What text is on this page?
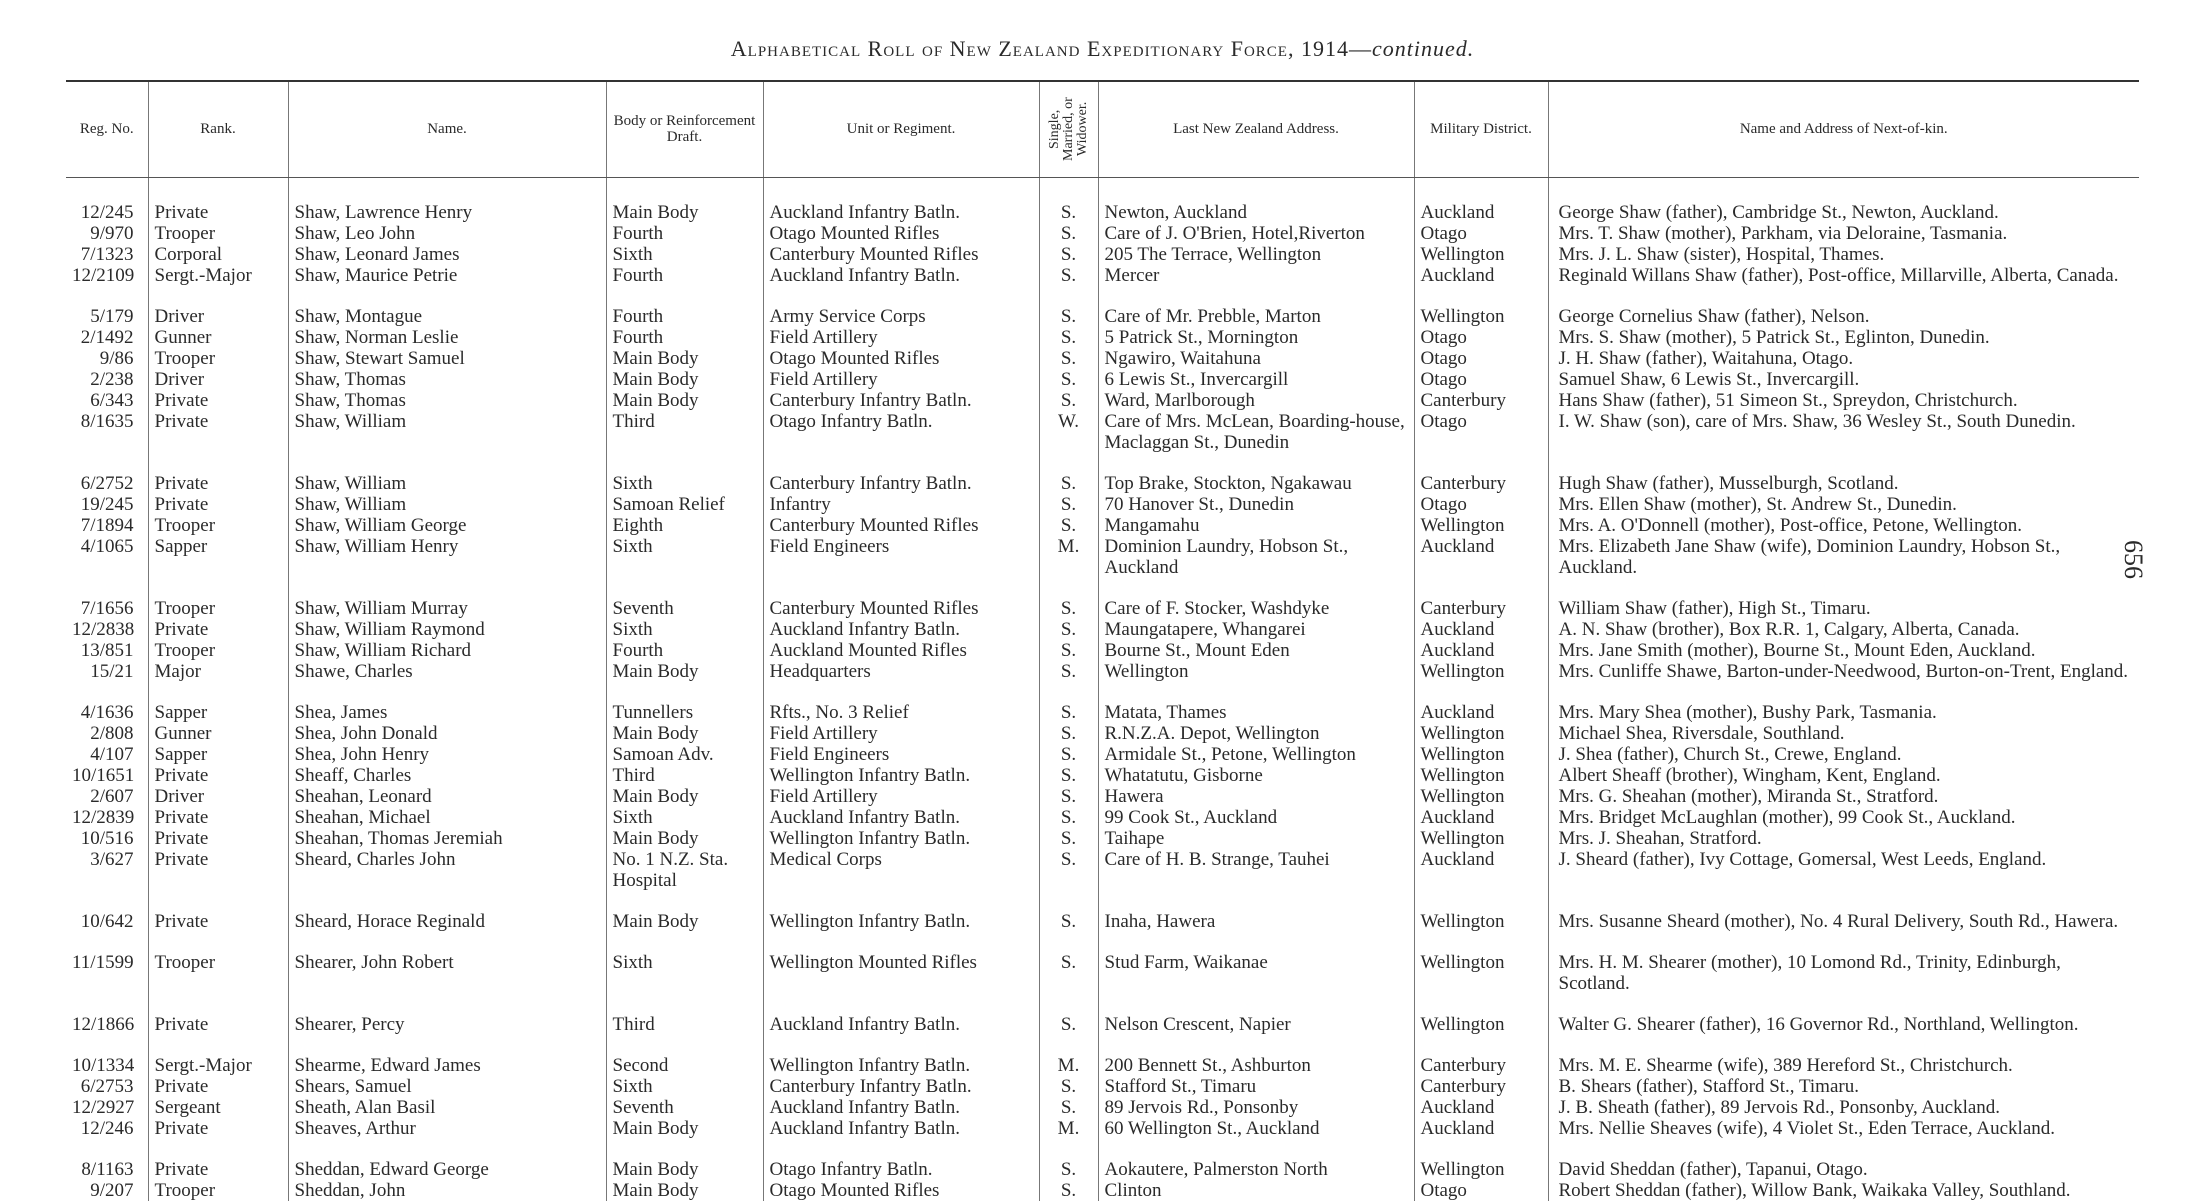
Alphabetical Roll of New Zealand Expeditionary Force, 1914—continued.
656
Reg. No.	Rank.	Name.	Body or Reinforcement Draft.	Unit or Regiment.	Single, Married, or Widower.	Last New Zealand Address.	Military District.	Name and Address of Next-of-kin.

12/245	Private	Shaw, Lawrence Henry	Main Body	Auckland Infantry Batln.	S.	Newton, Auckland	Auckland	George Shaw (father), Cambridge St., Newton, Auckland.
9/970	Trooper	Shaw, Leo John	Fourth	Otago Mounted Rifles	S.	Care of J. O'Brien, Hotel,Riverton	Otago	Mrs. T. Shaw (mother), Parkham, via Deloraine, Tasmania.
7/1323	Corporal	Shaw, Leonard James	Sixth	Canterbury Mounted Rifles	S.	205 The Terrace, Wellington	Wellington	Mrs. J. L. Shaw (sister), Hospital, Thames.
12/2109	Sergt.-Major	Shaw, Maurice Petrie	Fourth	Auckland Infantry Batln.	S.	Mercer	Auckland	Reginald Willans Shaw (father), Post-office, Millarville, Alberta, Canada.
5/179	Driver	Shaw, Montague	Fourth	Army Service Corps	S.	Care of Mr. Prebble, Marton	Wellington	George Cornelius Shaw (father), Nelson.
2/1492	Gunner	Shaw, Norman Leslie	Fourth	Field Artillery	S.	5 Patrick St., Mornington	Otago	Mrs. S. Shaw (mother), 5 Patrick St., Eglinton, Dunedin.
9/86	Trooper	Shaw, Stewart Samuel	Main Body	Otago Mounted Rifles	S.	Ngawiro, Waitahuna	Otago	J. H. Shaw (father), Waitahuna, Otago.
2/238	Driver	Shaw, Thomas	Main Body	Field Artillery	S.	6 Lewis St., Invercargill	Otago	Samuel Shaw, 6 Lewis St., Invercargill.
6/343	Private	Shaw, Thomas	Main Body	Canterbury Infantry Batln.	S.	Ward, Marlborough	Canterbury	Hans Shaw (father), 51 Simeon St., Spreydon, Christchurch.
8/1635	Private	Shaw, William	Third	Otago Infantry Batln.	W.	Care of Mrs. McLean, Boarding-house, Maclaggan St., Dunedin	Otago	I. W. Shaw (son), care of Mrs. Shaw, 36 Wesley St., South Dunedin.
6/2752	Private	Shaw, William	Sixth	Canterbury Infantry Batln.	S.	Top Brake, Stockton, Ngakawau	Canterbury	Hugh Shaw (father), Musselburgh, Scotland.
19/245	Private	Shaw, William	Samoan Relief	Infantry	S.	70 Hanover St., Dunedin	Otago	Mrs. Ellen Shaw (mother), St. Andrew St., Dunedin.
7/1894	Trooper	Shaw, William George	Eighth	Canterbury Mounted Rifles	S.	Mangamahu	Wellington	Mrs. A. O'Donnell (mother), Post-office, Petone, Wellington.
4/1065	Sapper	Shaw, William Henry	Sixth	Field Engineers	M.	Dominion Laundry, Hobson St., Auckland	Auckland	Mrs. Elizabeth Jane Shaw (wife), Dominion Laundry, Hobson St., Auckland.
7/1656	Trooper	Shaw, William Murray	Seventh	Canterbury Mounted Rifles	S.	Care of F. Stocker, Washdyke	Canterbury	William Shaw (father), High St., Timaru.
12/2838	Private	Shaw, William Raymond	Sixth	Auckland Infantry Batln.	S.	Maungatapere, Whangarei	Auckland	A. N. Shaw (brother), Box R.R. 1, Calgary, Alberta, Canada.
13/851	Trooper	Shaw, William Richard	Fourth	Auckland Mounted Rifles	S.	Bourne St., Mount Eden	Auckland	Mrs. Jane Smith (mother), Bourne St., Mount Eden, Auckland.
15/21	Major	Shawe, Charles	Main Body	Headquarters	S.	Wellington	Wellington	Mrs. Cunliffe Shawe, Barton-under-Needwood, Burton-on-Trent, England.
4/1636	Sapper	Shea, James	Tunnellers	Rfts., No. 3 Relief	S.	Matata, Thames	Auckland	Mrs. Mary Shea (mother), Bushy Park, Tasmania.
2/808	Gunner	Shea, John Donald	Main Body	Field Artillery	S.	R.N.Z.A. Depot, Wellington	Wellington	Michael Shea, Riversdale, Southland.
4/107	Sapper	Shea, John Henry	Samoan Adv.	Field Engineers	S.	Armidale St., Petone, Wellington	Wellington	J. Shea (father), Church St., Crewe, England.
10/1651	Private	Sheaff, Charles	Third	Wellington Infantry Batln.	S.	Whatatutu, Gisborne	Wellington	Albert Sheaff (brother), Wingham, Kent, England.
2/607	Driver	Sheahan, Leonard	Main Body	Field Artillery	S.	Hawera	Wellington	Mrs. G. Sheahan (mother), Miranda St., Stratford.
12/2839	Private	Sheahan, Michael	Sixth	Auckland Infantry Batln.	S.	99 Cook St., Auckland	Auckland	Mrs. Bridget McLaughlan (mother), 99 Cook St., Auckland.
10/516	Private	Sheahan, Thomas Jeremiah	Main Body	Wellington Infantry Batln.	S.	Taihape	Wellington	Mrs. J. Sheahan, Stratford.
3/627	Private	Sheard, Charles John	No. 1 N.Z. Sta. Hospital	Medical Corps	S.	Care of H. B. Strange, Tauhei	Auckland	J. Sheard (father), Ivy Cottage, Gomersal, West Leeds, England.
10/642	Private	Sheard, Horace Reginald	Main Body	Wellington Infantry Batln.	S.	Inaha, Hawera	Wellington	Mrs. Susanne Sheard (mother), No. 4 Rural Delivery, South Rd., Hawera.
11/1599	Trooper	Shearer, John Robert	Sixth	Wellington Mounted Rifles	S.	Stud Farm, Waikanae	Wellington	Mrs. H. M. Shearer (mother), 10 Lomond Rd., Trinity, Edinburgh, Scotland.
12/1866	Private	Shearer, Percy	Third	Auckland Infantry Batln.	S.	Nelson Crescent, Napier	Wellington	Walter G. Shearer (father), 16 Governor Rd., Northland, Wellington.
10/1334	Sergt.-Major	Shearme, Edward James	Second	Wellington Infantry Batln.	M.	200 Bennett St., Ashburton	Canterbury	Mrs. M. E. Shearme (wife), 389 Hereford St., Christchurch.
6/2753	Private	Shears, Samuel	Sixth	Canterbury Infantry Batln.	S.	Stafford St., Timaru	Canterbury	B. Shears (father), Stafford St., Timaru.
12/2927	Sergeant	Sheath, Alan Basil	Seventh	Auckland Infantry Batln.	S.	89 Jervois Rd., Ponsonby	Auckland	J. B. Sheath (father), 89 Jervois Rd., Ponsonby, Auckland.
12/246	Private	Sheaves, Arthur	Main Body	Auckland Infantry Batln.	M.	60 Wellington St., Auckland	Auckland	Mrs. Nellie Sheaves (wife), 4 Violet St., Eden Terrace, Auckland.
8/1163	Private	Sheddan, Edward George	Main Body	Otago Infantry Batln.	S.	Aokautere, Palmerston North	Wellington	David Sheddan (father), Tapanui, Otago.
9/207	Trooper	Sheddan, John	Main Body	Otago Mounted Rifles	S.	Clinton	Otago	Robert Sheddan (father), Willow Bank, Waikaka Valley, Southland.
